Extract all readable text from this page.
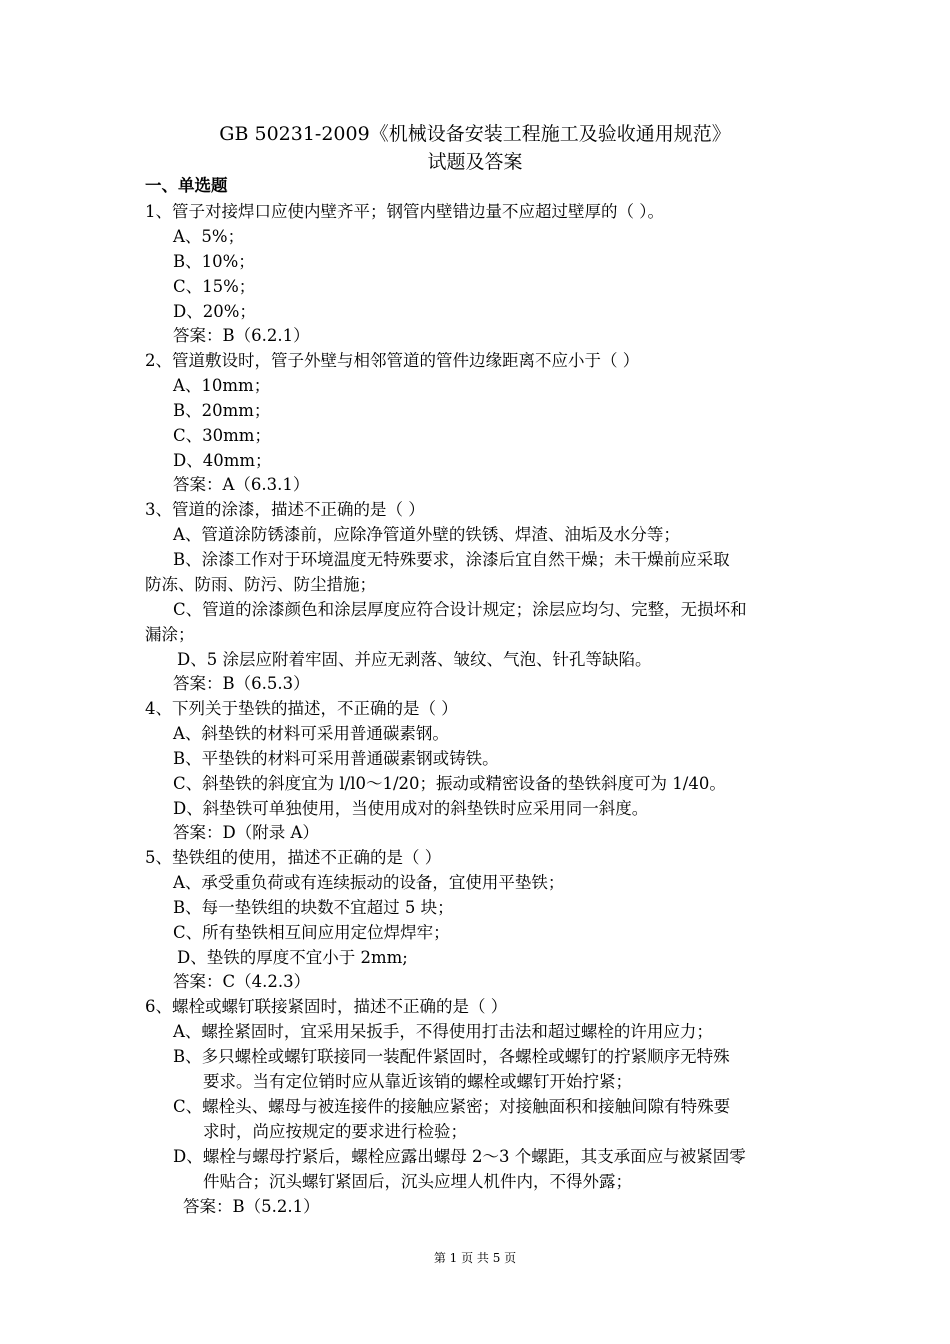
GB 50231-2009《机械设备安装工程施工及验收通用规范》
试题及答案
一、单选题
1、管子对接焊口应使内壁齐平；钢管内壁错边量不应超过壁厚的（ ）。
A、5%；
B、10%；
C、15%；
D、20%；
答案：B（6.2.1）
2、管道敷设时，管子外壁与相邻管道的管件边缘距离不应小于（ ）
A、10mm；
B、20mm；
C、30mm；
D、40mm；
答案：A（6.3.1）
3、管道的涂漆，描述不正确的是（ ）
A、管道涂防锈漆前，应除净管道外壁的铁锈、焊渣、油垢及水分等；
B、涂漆工作对于环境温度无特殊要求，涂漆后宜自然干燥；未干燥前应采取
防冻、防雨、防污、防尘措施；
C、管道的涂漆颜色和涂层厚度应符合设计规定；涂层应均匀、完整，无损坏和
漏涂；
D、5 涂层应附着牢固、并应无剥落、皱纹、气泡、针孔等缺陷。
答案：B（6.5.3）
4、下列关于垫铁的描述，不正确的是（ ）
A、斜垫铁的材料可采用普通碳素钢。
B、平垫铁的材料可采用普通碳素钢或铸铁。
C、斜垫铁的斜度宜为 l/l0～1/20；振动或精密设备的垫铁斜度可为 1/40。
D、斜垫铁可单独使用，当使用成对的斜垫铁时应采用同一斜度。
答案：D（附录 A）
5、垫铁组的使用，描述不正确的是（ ）
A、承受重负荷或有连续振动的设备，宜使用平垫铁；
B、每一垫铁组的块数不宜超过 5 块；
C、所有垫铁相互间应用定位焊焊牢；
D、垫铁的厚度不宜小于 2mm;
答案：C（4.2.3）
6、螺栓或螺钉联接紧固时，描述不正确的是（ ）
A、螺拴紧固时，宜采用呆扳手，不得使用打击法和超过螺栓的许用应力；
B、多只螺栓或螺钉联接同一装配件紧固时，各螺栓或螺钉的拧紧顺序无特殊
要求。当有定位销时应从靠近该销的螺栓或螺钉开始拧紧；
C、螺栓头、螺母与被连接件的接触应紧密；对接触面积和接触间隙有特殊要
求时，尚应按规定的要求进行检验；
D、螺栓与螺母拧紧后，螺栓应露出螺母 2～3 个螺距，其支承面应与被紧固零
件贴合；沉头螺钉紧固后，沉头应埋人机件内，不得外露；
答案：B（5.2.1）
第 1 页 共 5 页
